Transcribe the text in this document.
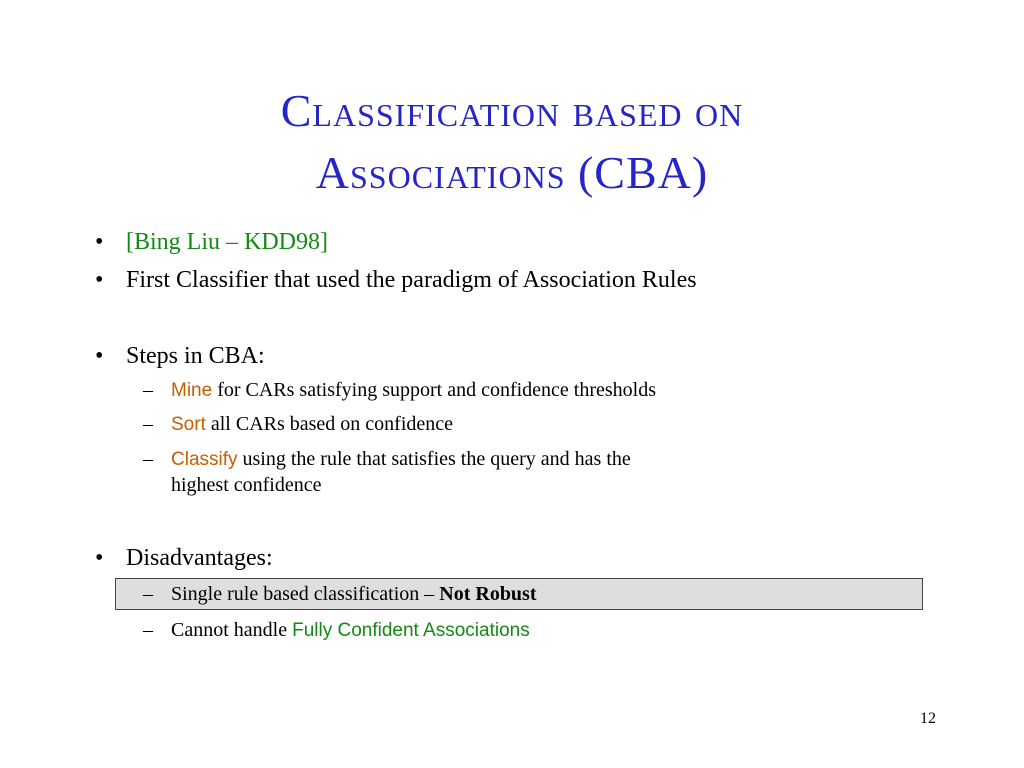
Classification based on
Associations (CBA)
• [Bing Liu – KDD98]
• First Classifier that used the paradigm of Association Rules
• Steps in CBA:
– Mine for CARs satisfying support and confidence thresholds
– Sort all CARs based on confidence
– Classify using the rule that satisfies the query and has the
highest confidence
• Disadvantages:
– Single rule based classification – Not Robust
– Cannot handle Fully Confident Associations
12
